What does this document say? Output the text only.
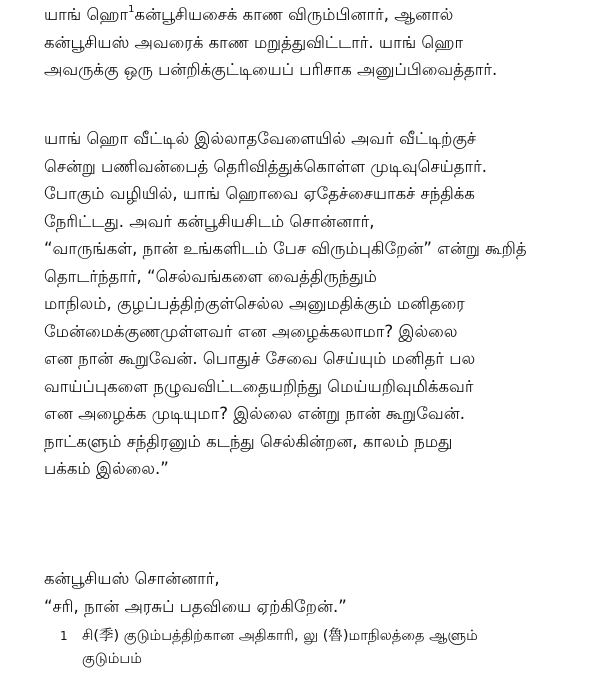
யாங் ஹொ$^1$கன்பூசியசைக் காண விரும்பினார், ஆனால்
கன்பூசியஸ் அவரைக் காண மறுத்துவிட்டார். யாங் ஹொ
அவருக்கு ஒரு பன்றிக்குட்டியைப் பரிசாக அனுப்பிவைத்தார்.
யாங் ஹொ வீட்டில் இல்லாதவேளையில் அவர் வீட்டிற்குச்
சென்று பணிவன்பைத் தெரிவித்துக்கொள்ள முடிவுசெய்தார்.
போகும் வழியில், யாங் ஹொவை ஏதேச்சையாகச் சந்திக்க
நேரிட்டது. அவர் கன்பூசியசிடம் சொன்னார்,
“வாருங்கள், நான் உங்களிடம் பேச விரும்புகிறேன்” என்று கூறித்
தொடர்ந்தார், “செல்வங்களை வைத்திருந்தும்
மாநிலம், குழப்பத்திற்குள்செல்ல அனுமதிக்கும் மனிதரை
மேன்மைக்குணமுள்ளவர் என அழைக்கலாமா? இல்லை
என நான் கூறுவேன். பொதுச் சேவை செய்யும் மனிதர் பல
வாய்ப்புகளை நழுவவிட்டதையறிந்து மெய்யறிவுமிக்கவர்
என அழைக்க முடியுமா? இல்லை என்று நான் கூறுவேன்.
நாட்களும் சந்திரனும் கடந்து செல்கின்றன, காலம் நமது
பக்கம் இல்லை.”
கன்பூசியஸ் சொன்னார்,
“சரி, நான் அரசுப் பதவியை ஏற்கிறேன்.”
1 சி(季) குடும்பத்திற்கான அதிகாரி, லு (魯)மாநிலத்தை ஆளும்
குடும்பம்
